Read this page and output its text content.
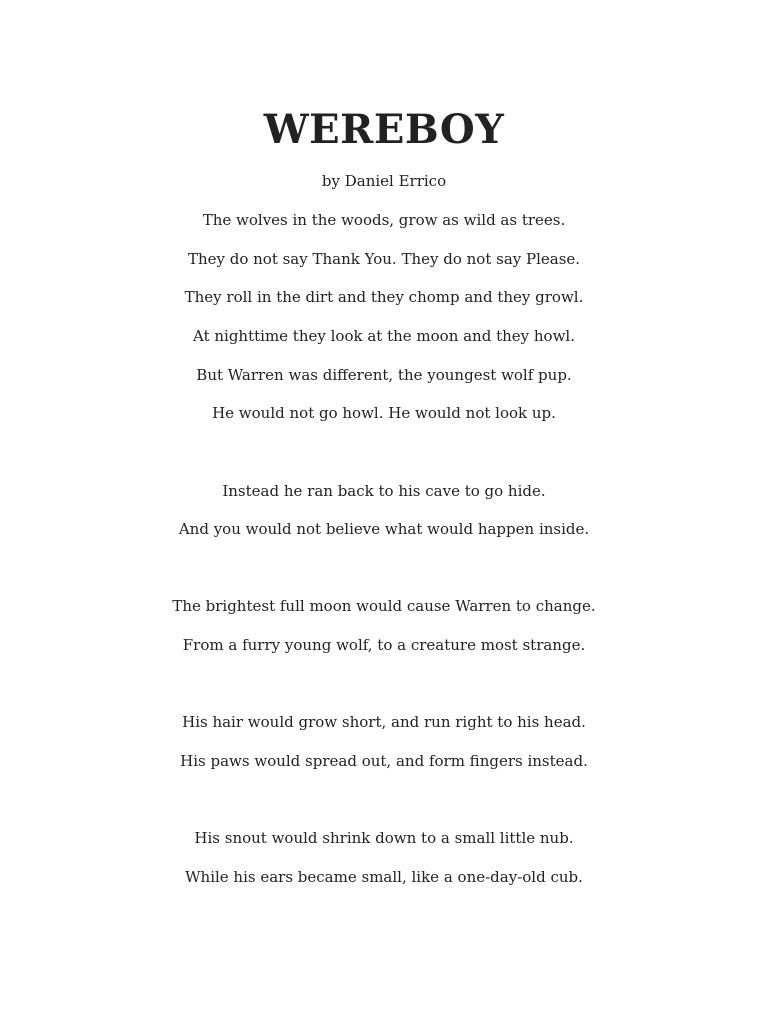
WEREBOY

by Daniel Errico

The wolves in the woods, grow as wild as trees.

They do not say Thank You. They do not say Please.

They roll in the dirt and they chomp and they growl.

At nighttime they look at the moon and they howl.

But Warren was different, the youngest wolf pup.

He would not go howl. He would not look up.

Instead he ran back to his cave to go hide.

And you would not believe what would happen inside.

The brightest full moon would cause Warren to change.

From a furry young wolf, to a creature most strange.

His hair would grow short, and run right to his head.

His paws would spread out, and form fingers instead.

His snout would shrink down to a small little nub.

While his ears became small, like a one-day-old cub.
